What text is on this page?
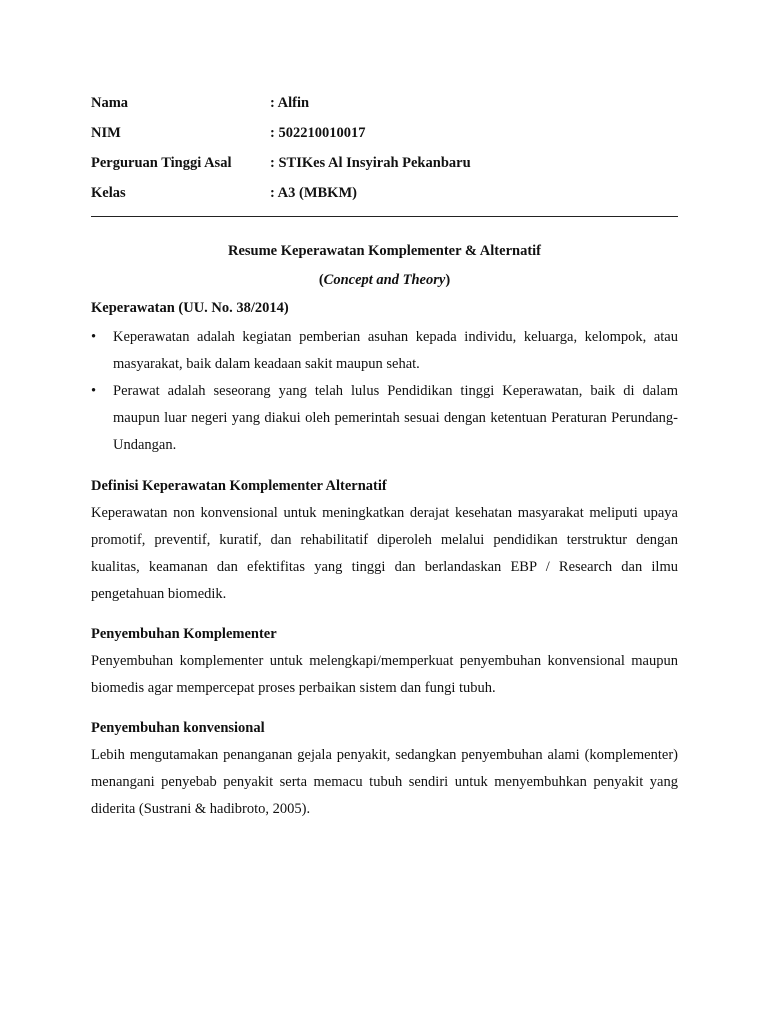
Nama	: Alfin
NIM	: 502210010017
Perguruan Tinggi Asal	: STIKes Al Insyirah Pekanbaru
Kelas	: A3 (MBKM)
Resume Keperawatan Komplementer & Alternatif
(Concept and Theory)
Keperawatan (UU. No. 38/2014)
•	Keperawatan adalah kegiatan pemberian asuhan kepada individu, keluarga, kelompok, atau masyarakat, baik dalam keadaan sakit maupun sehat.
•	Perawat adalah seseorang yang telah lulus Pendidikan tinggi Keperawatan, baik di dalam maupun luar negeri yang diakui oleh pemerintah sesuai dengan ketentuan Peraturan Perundang-Undangan.
Definisi Keperawatan Komplementer Alternatif
Keperawatan non konvensional untuk meningkatkan derajat kesehatan masyarakat meliputi upaya promotif, preventif, kuratif, dan rehabilitatif diperoleh melalui pendidikan terstruktur dengan kualitas, keamanan dan efektifitas yang tinggi dan berlandaskan EBP / Research dan ilmu pengetahuan biomedik.
Penyembuhan Komplementer
Penyembuhan komplementer untuk melengkapi/memperkuat penyembuhan konvensional maupun biomedis agar mempercepat proses perbaikan sistem dan fungi tubuh.
Penyembuhan konvensional
Lebih mengutamakan penanganan gejala penyakit, sedangkan penyembuhan alami (komplementer) menangani penyebab penyakit serta memacu tubuh sendiri untuk menyembuhkan penyakit yang diderita (Sustrani & hadibroto, 2005).
